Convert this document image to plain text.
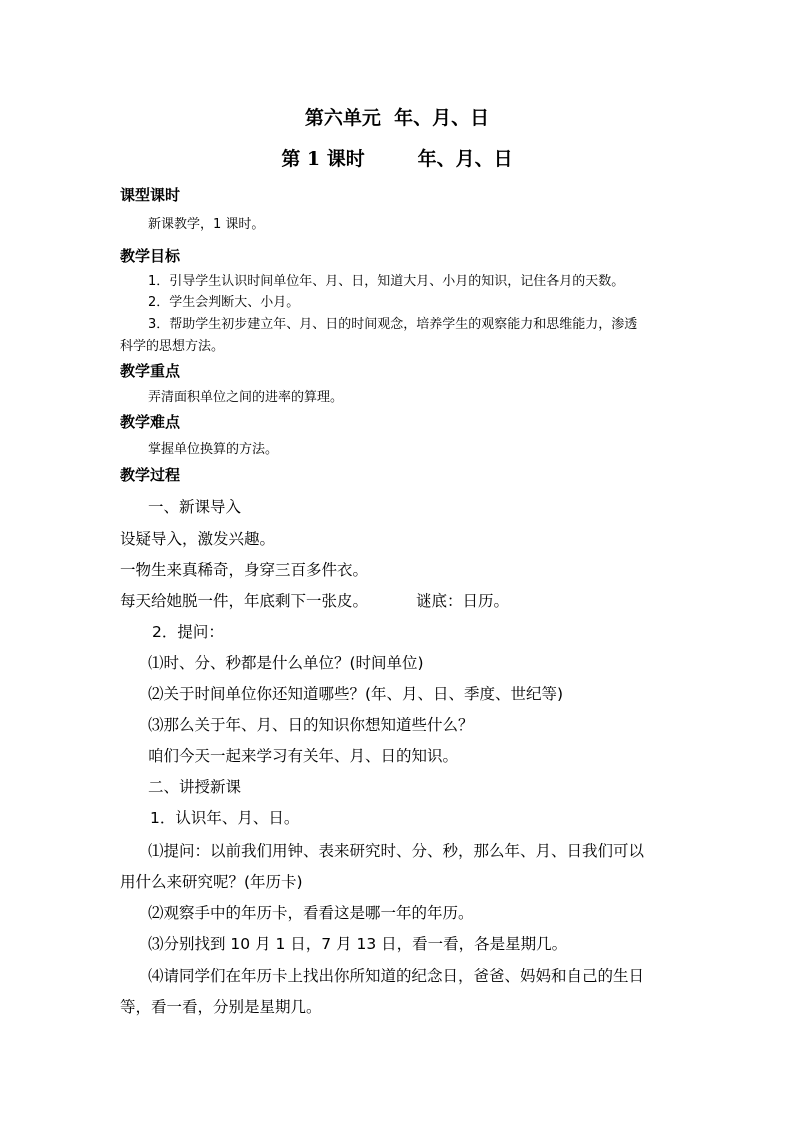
第六单元  年、月、日
第 1 课时        年、月、日
课型课时
新课教学，1 课时。
教学目标
1．引导学生认识时间单位年、月、日，知道大月、小月的知识，记住各月的天数。
2．学生会判断大、小月。
3．帮助学生初步建立年、月、日的时间观念，培养学生的观察能力和思维能力，渗透
科学的思想方法。
教学重点
弄清面积单位之间的进率的算理。
教学难点
掌握单位换算的方法。
教学过程
一、新课导入
设疑导入，激发兴趣。
一物生来真稀奇，身穿三百多件衣。
每天给她脱一件，年底剩下一张皮。	谜底：日历。
2．提问：
⑴时、分、秒都是什么单位？(时间单位)
⑵关于时间单位你还知道哪些？(年、月、日、季度、世纪等)
⑶那么关于年、月、日的知识你想知道些什么？
咱们今天一起来学习有关年、月、日的知识。
二、讲授新课
1．认识年、月、日。
⑴提问：以前我们用钟、表来研究时、分、秒，那么年、月、日我们可以
用什么来研究呢？(年历卡)
⑵观察手中的年历卡，看看这是哪一年的年历。
⑶分别找到 10 月 1 日，7 月 13 日，看一看，各是星期几。
⑷请同学们在年历卡上找出你所知道的纪念日，爸爸、妈妈和自己的生日
等，看一看，分别是星期几。
